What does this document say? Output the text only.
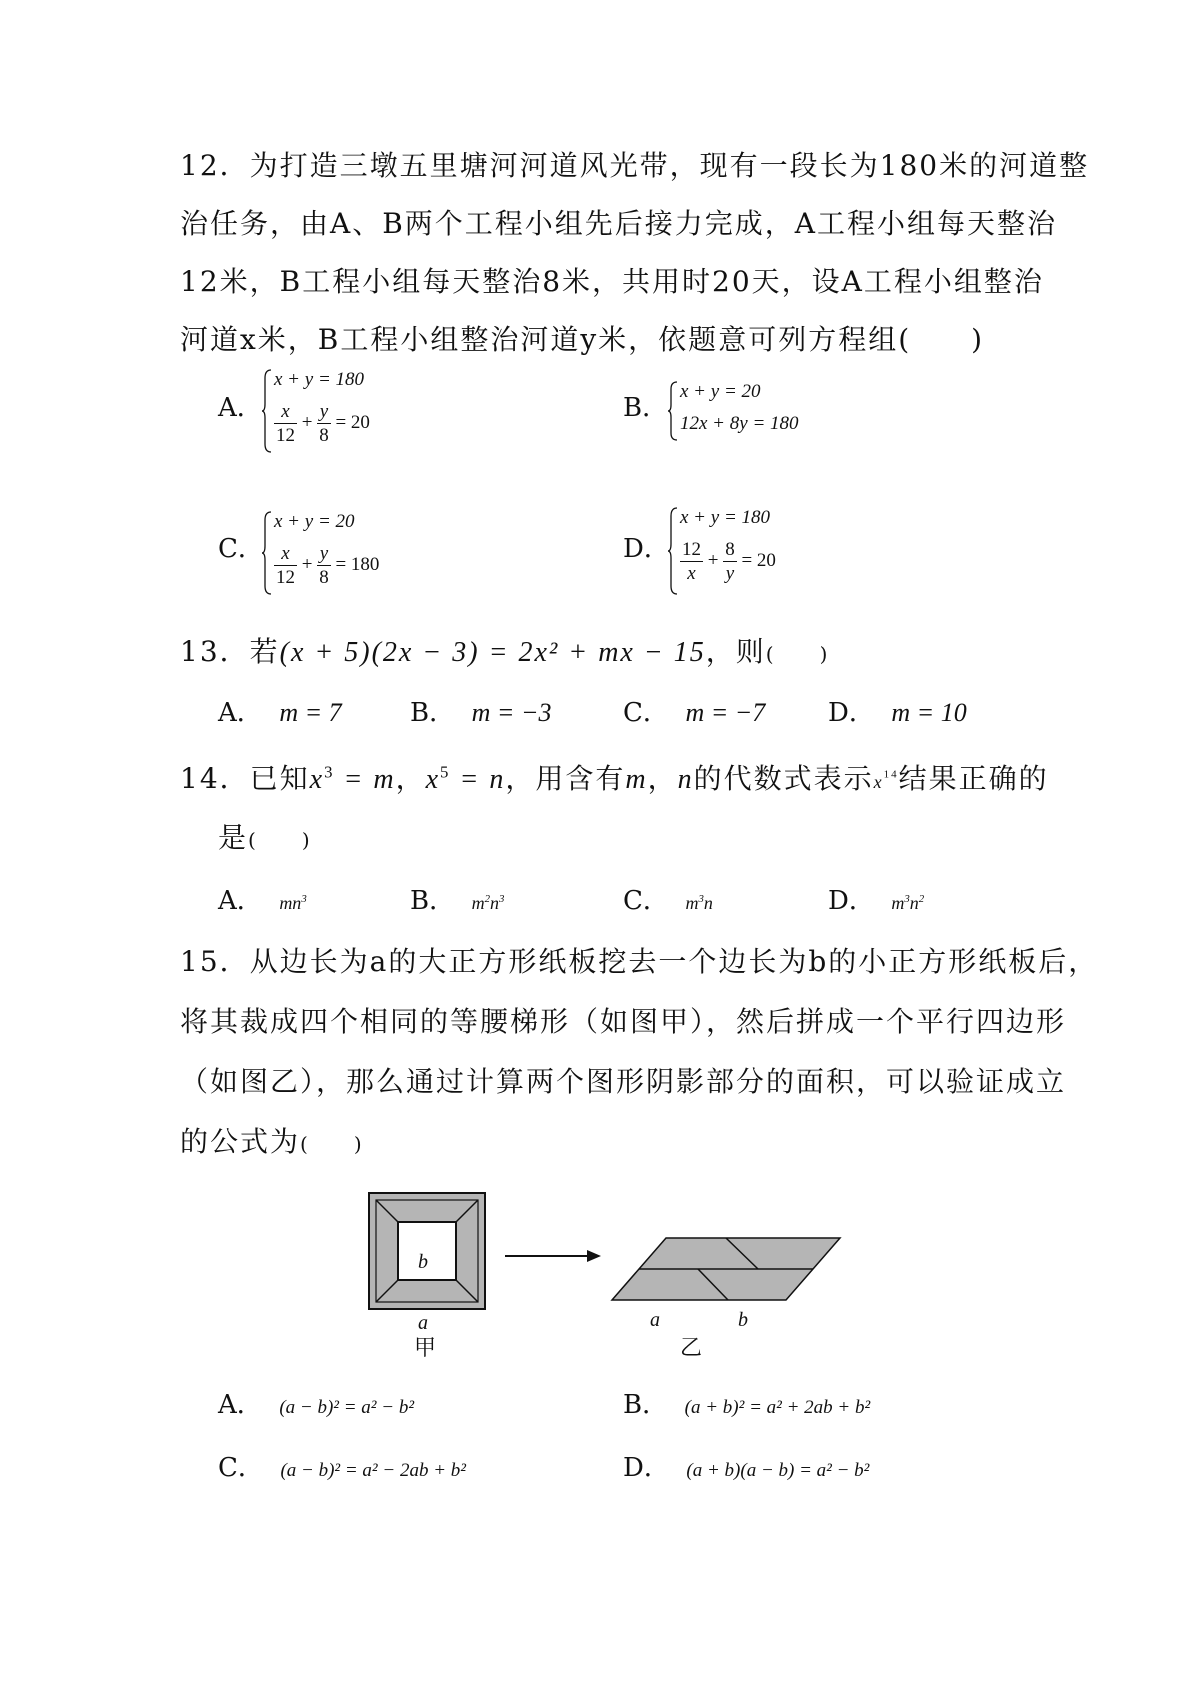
12．为打造三墩五里塘河河道风光带，现有一段长为180米的河道整
治任务，由A、B两个工程小组先后接力完成，A工程小组每天整治
12米，B工程小组每天整治8米，共用时20天，设A工程小组整治
河道x米，B工程小组整治河道y米，依题意可列方程组(　　)
A．
x + y = 180
$\frac{x}{12} + \frac{y}{8} = 20$	B．
x + y = 20
12x + 8y = 180
C．
x + y = 20
$\frac{x}{12} + \frac{y}{8} = 180$
D．
x + y = 180
$\frac{12}{x} + \frac{8}{y} = 20$
13．若(x + 5)(2x − 3) = 2x² + mx − 15，则(　　)
A． m = 7	B． m = −3	C． m = −7 D． m = 10
14．已知$x^3 = m$，$x^5 = n$，用含有m，n的代数式表示$x^{14}$结果正确的
是(　　)
A． $mn^3$	B． $m^2n^3$	C． $m^3n$	D． $m^3n^2$
15．从边长为a的大正方形纸板挖去一个边长为b的小正方形纸板后，
将其裁成四个相同的等腰梯形（如图甲），然后拼成一个平行四边形
（如图乙），那么通过计算两个图形阴影部分的面积，可以验证成立
的公式为(　　)
b
a
甲
a	b
乙
A． (a − b)² = a² − b²	B． (a + b)² = a² + 2ab + b²
C． (a − b)² = a² − 2ab + b²	D． (a + b)(a − b) = a² − b²
